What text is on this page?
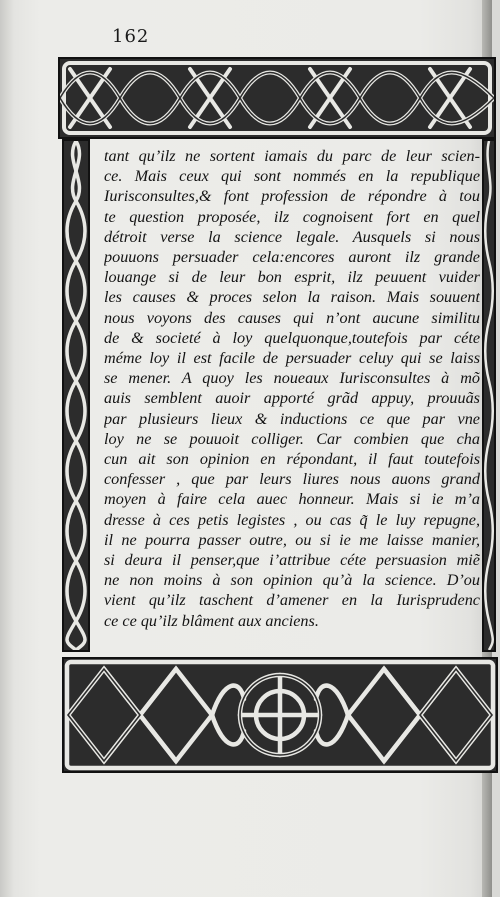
162
tant qu’ilz ne sortent iamais du parc de leur scien-
ce. Mais ceux qui sont nommés en la republique
Iurisconsultes,& font profession de répondre à tou
te question proposée, ilz cognoisent fort en quel
détroit verse la science legale. Ausquels si nous
pouuons persuader cela:encores auront ilz grande
louange si de leur bon esprit, ilz peuuent vuider
les causes & proces selon la raison. Mais souuent
nous voyons des causes qui n’ont aucune similitu
de & societé à loy quelquonque,toutefois par céte
méme loy il est facile de persuader celuy qui se laiss
se mener. A quoy les noueaux Iurisconsultes à mõ
auis semblent auoir apporté grãd appuy, prouuãs
par plusieurs lieux & inductions ce que par vne
loy ne se pouuoit colliger. Car combien que cha
cun ait son opinion en répondant, il faut toutefois
confesser , que par leurs liures nous auons grand
moyen à faire cela auec honneur. Mais si ie m’a
dresse à ces petis legistes , ou cas q̃ le luy repugne,
il ne pourra passer outre, ou si ie me laisse manier,
si deura il penser,que i’attribue céte persuasion miẽ
ne non moins à son opinion qu’à la science. D’ou
vient qu’ilz taschent d’amener en la Iurisprudenc
ce ce qu’ilz blâment aux anciens.
